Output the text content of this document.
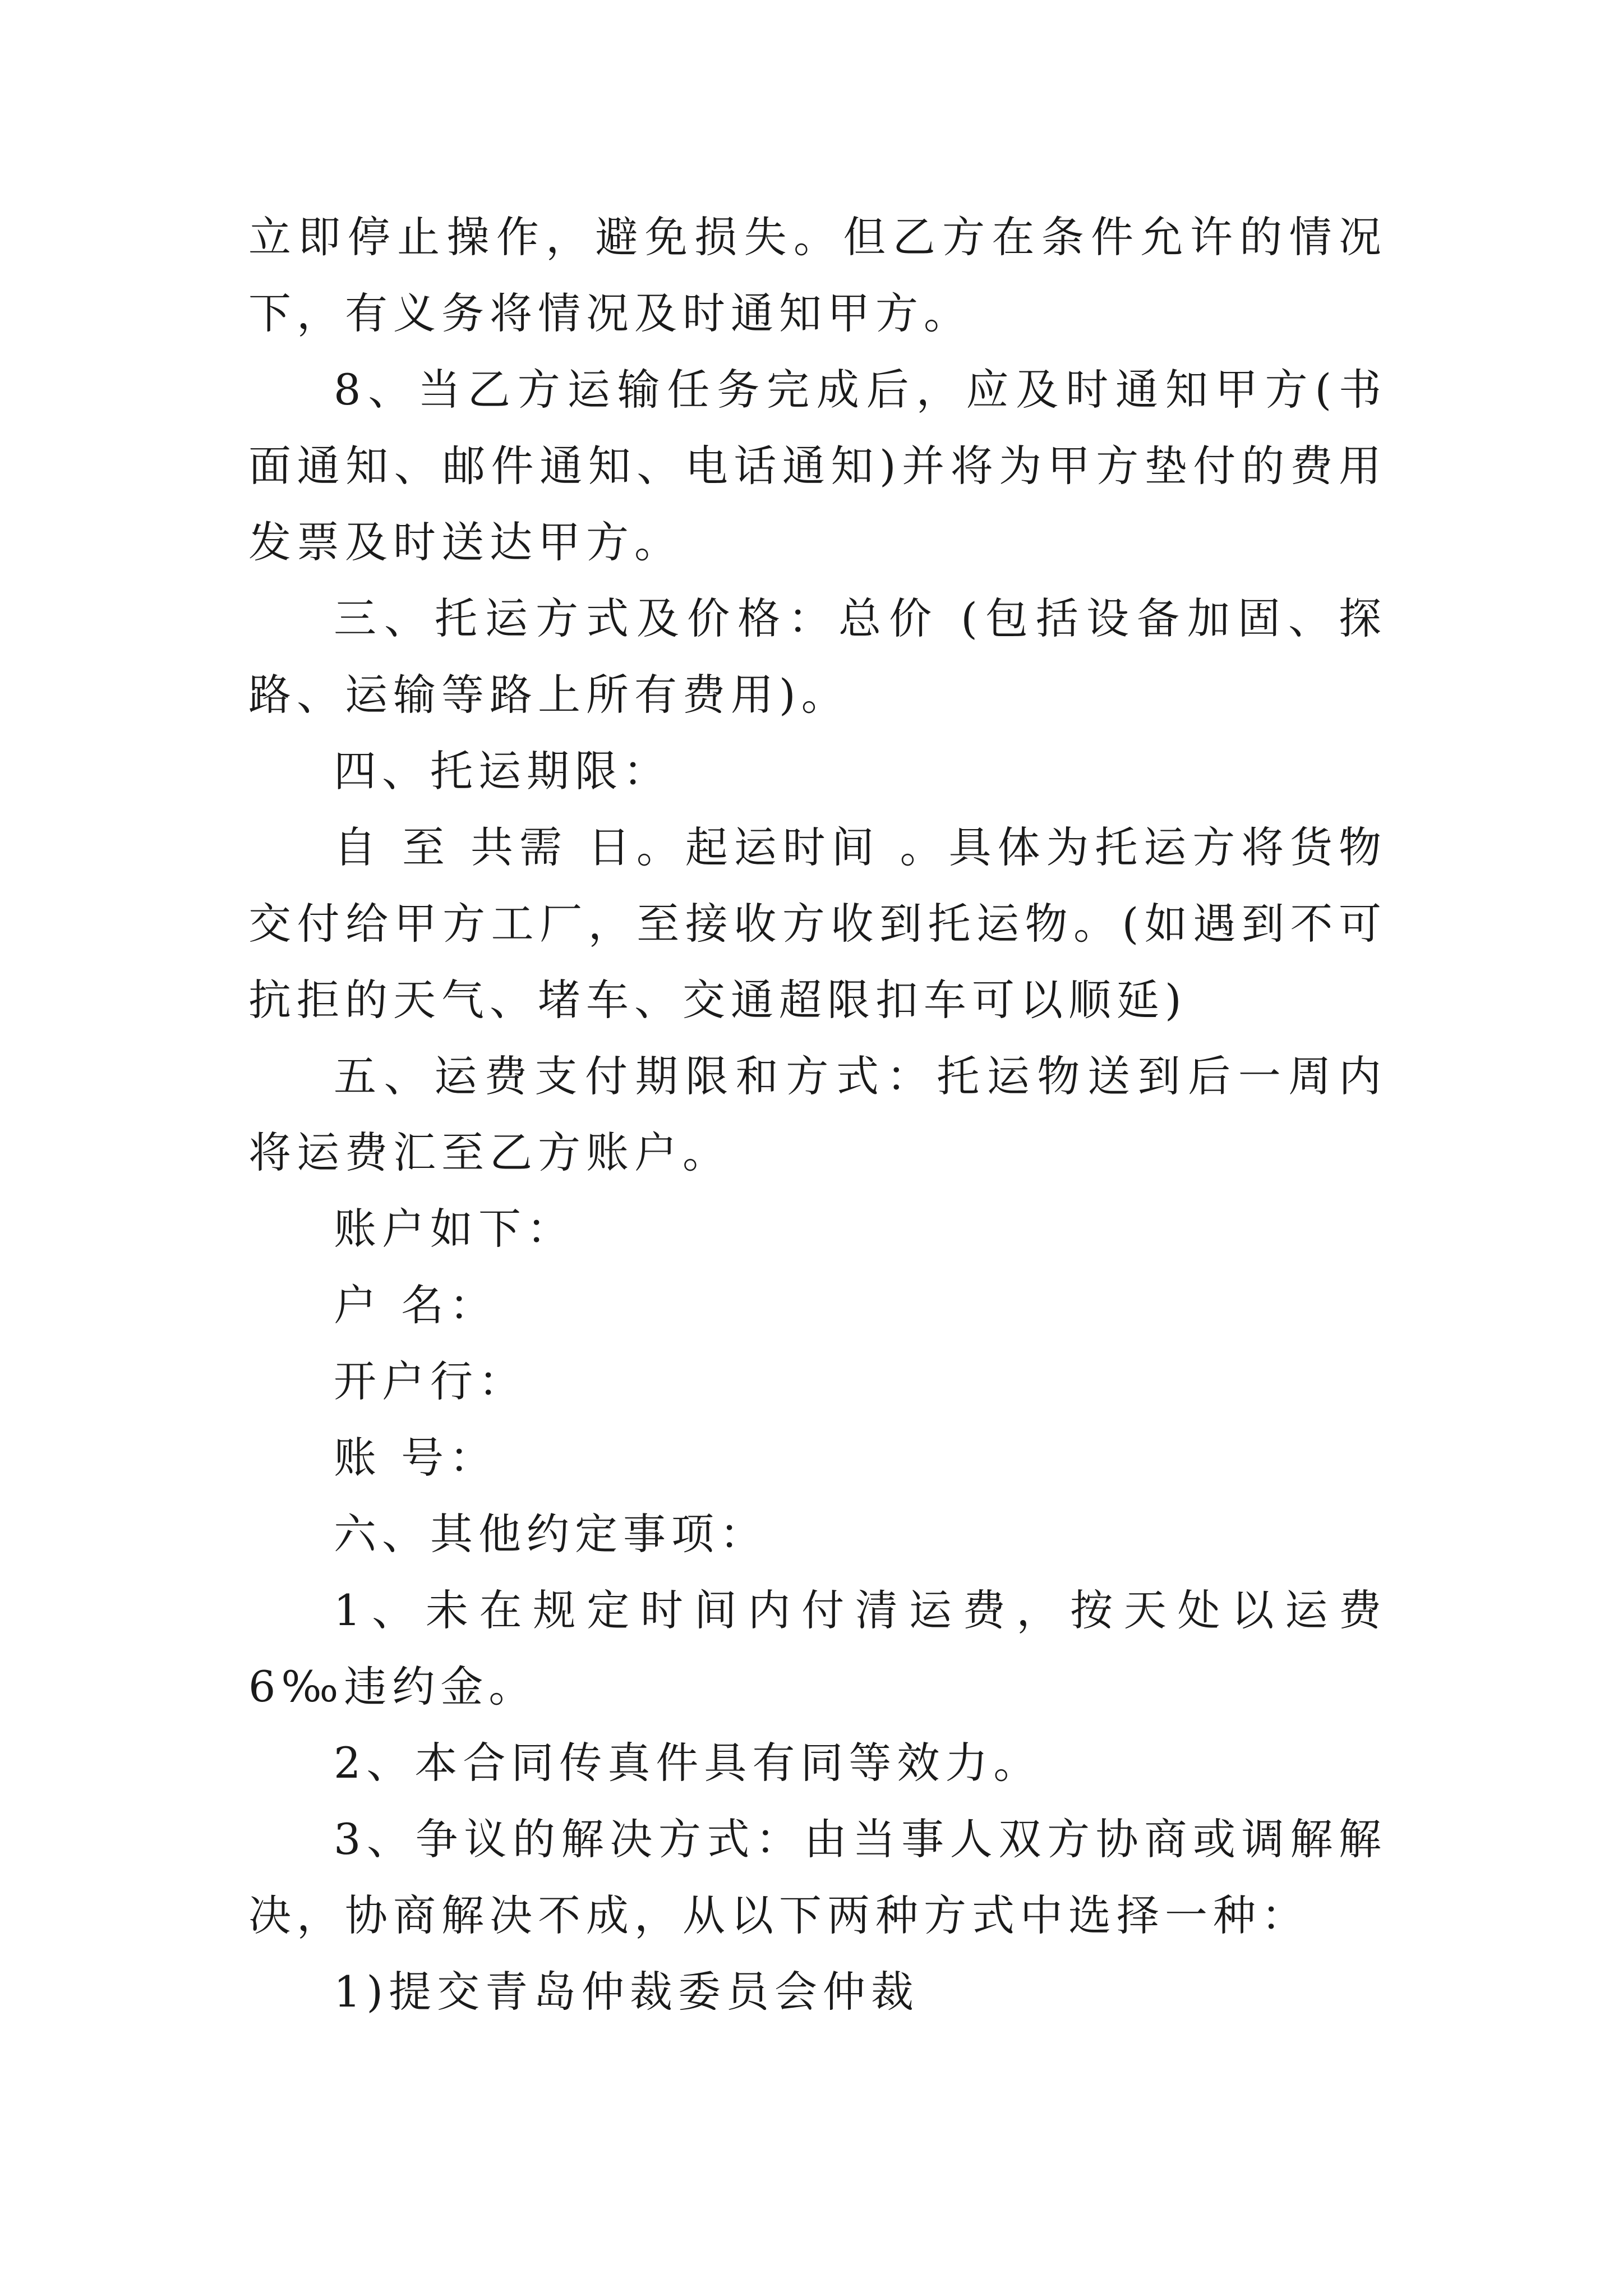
立即停止操作，避免损失。但乙方在条件允许的情况下，有义务将情况及时通知甲方。

8、当乙方运输任务完成后，应及时通知甲方(书面通知、邮件通知、电话通知)并将为甲方垫付的费用发票及时送达甲方。

三、托运方式及价格：总价 (包括设备加固、探路、运输等路上所有费用)。

四、托运期限：

自 至 共需 日。起运时间 。具体为托运方将货物交付给甲方工厂，至接收方收到托运物。(如遇到不可抗拒的天气、堵车、交通超限扣车可以顺延)

五、运费支付期限和方式：托运物送到后一周内将运费汇至乙方账户。

账户如下：

户 名：

开户行：

账 号：

六、其他约定事项：

1、未在规定时间内付清运费，按天处以运费 6‰违约金。

2、本合同传真件具有同等效力。

3、争议的解决方式：由当事人双方协商或调解解决，协商解决不成，从以下两种方式中选择一种：

1)提交青岛仲裁委员会仲裁
